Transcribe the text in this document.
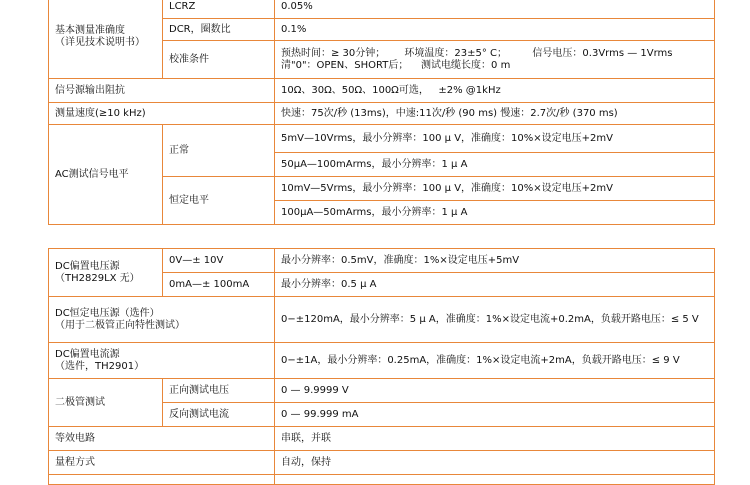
基本测量准确度
（详见技术说明书）	LCRZ	0.05%
	DCR，圈数比	0.1%
	校准条件	预热时间：≥ 30分钟；      环境温度：23±5° C；        信号电压：0.3Vrms — 1Vrms
清"0"：OPEN、SHORT后；    测试电缆长度：0 m

信号源输出阻抗		10Ω、30Ω、50Ω、100Ω可选，   ±2% @1kHz
测量速度(≥10 kHz)		快速：75次/秒 (13ms)，中速:11次/秒 (90 ms) 慢速：2.7次/秒 (370 ms)
AC测试信号电平	正常	5mV—10Vrms，最小分辨率：100 μ V，准确度：10%×设定电压+2mV
		50μA—100mArms，最小分辨率：1 μ A
	恒定电平	10mV—5Vrms，最小分辨率：100 μ V，准确度：10%×设定电压+2mV
		100μA—50mArms，最小分辨率：1 μ A
DC偏置电压源
（TH2829LX 无）	0V—± 10V	最小分辨率：0.5mV，准确度：1%×设定电压+5mV
	0mA—± 100mA	最小分辨率：0.5 μ A
DC恒定电压源（选件）
（用于二极管正向特性测试）		0−±120mA，最小分辨率：5 μ A，准确度：1%×设定电流+0.2mA，负载开路电压：≤ 5 V
DC偏置电流源
（选件，TH2901）		0−±1A，最小分辨率：0.25mA，准确度：1%×设定电流+2mA，负载开路电压：≤ 9 V
二极管测试	正向测试电压	0 — 9.9999 V
	反向测试电流	0 — 99.999 mA
等效电路		串联，并联
量程方式		自动，保持
